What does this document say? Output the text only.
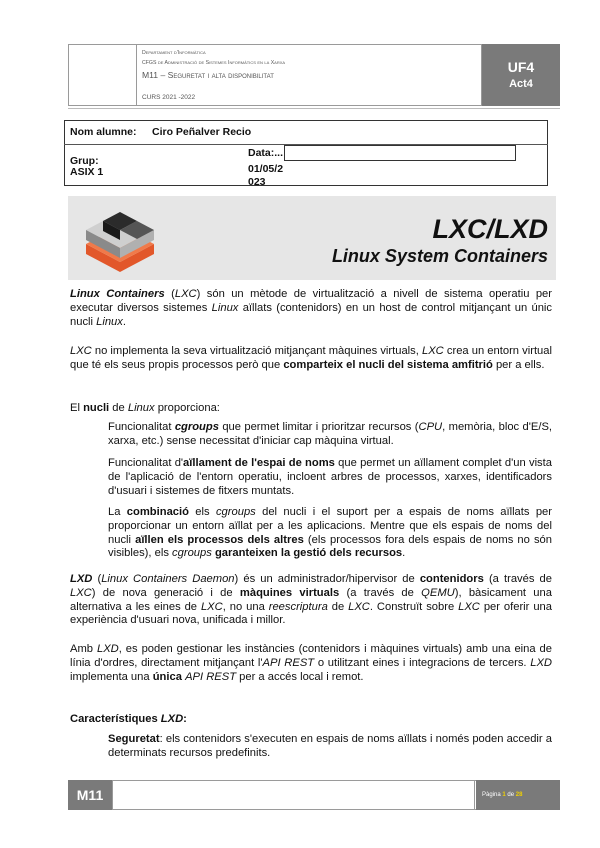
Departament d'Informàtica
CFGS de Administració de Sistemes Informàtics en la Xarxa
M11 – Seguretat i alta disponibilitat
CURS 2021 -2022
UF4
Act4
Nom alumne: Ciro Peñalver Recio
Data:...
Grup:
ASIX 1	01/05/2
023
LXC/LXD
Linux System Containers
Linux Containers (LXC) són un mètode de virtualització a nivell de sistema operatiu per executar diversos sistemes Linux aïllats (contenidors) en un host de control mitjançant un únic nucli Linux.
LXC no implementa la seva virtualització mitjançant màquines virtuals, LXC crea un entorn virtual que té els seus propis processos però que comparteix el nucli del sistema amfitrió per a ells.
El nucli de Linux proporciona:
Funcionalitat cgroups que permet limitar i prioritzar recursos (CPU, memòria, bloc d'E/S, xarxa, etc.) sense necessitat d'iniciar cap màquina virtual.
Funcionalitat d'aïllament de l'espai de noms que permet un aïllament complet d'un vista de l'aplicació de l'entorn operatiu, incloent arbres de processos, xarxes, identificadors d'usuari i sistemes de fitxers muntats.
La combinació els cgroups del nucli i el suport per a espais de noms aïllats per proporcionar un entorn aïllat per a les aplicacions. Mentre que els espais de noms del nucli aïllen els processos dels altres (els processos fora dels espais de noms no són visibles), els cgroups garanteixen la gestió dels recursos.
LXD (Linux Containers Daemon) és un administrador/hipervisor de contenidors (a través de LXC) de nova generació i de màquines virtuals (a través de QEMU), bàsicament una alternativa a les eines de LXC, no una reescriptura de LXC. Construït sobre LXC per oferir una experiència d'usuari nova, unificada i millor.
Amb LXD, es poden gestionar les instàncies (contenidors i màquines virtuals) amb una eina de línia d'ordres, directament mitjançant l'API REST o utilitzant eines i integracions de tercers. LXD implementa una única API REST per a accés local i remot.
Característiques LXD:
Seguretat: els contenidors s'executen en espais de noms aïllats i només poden accedir a determinats recursos predefinits.
M11	Pàgina 1 de 28
